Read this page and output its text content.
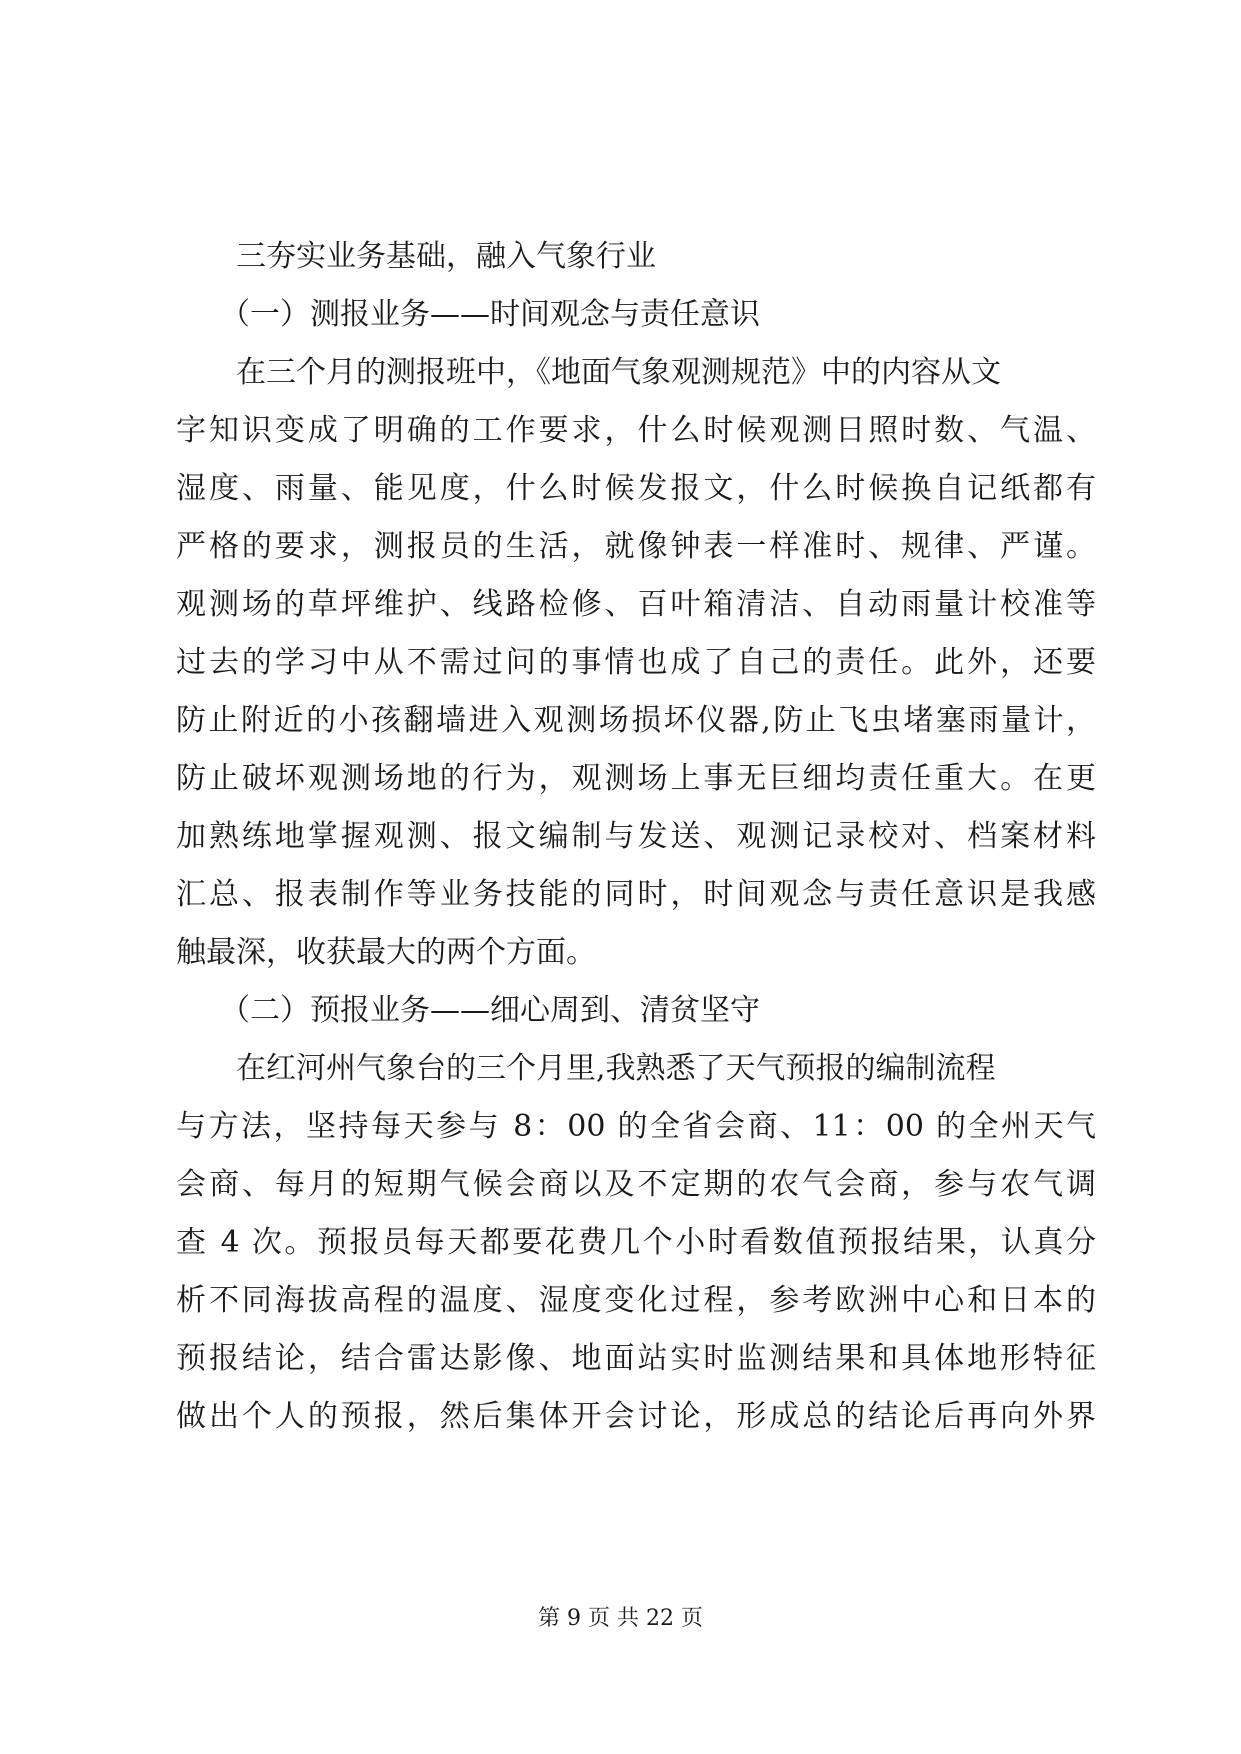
三夯实业务基础，融入气象行业
（一）测报业务——时间观念与责任意识
在三个月的测报班中，《地面气象观测规范》中的内容从文
字知识变成了明确的工作要求，什么时候观测日照时数、气温、
湿度、雨量、能见度，什么时候发报文，什么时候换自记纸都有
严格的要求，测报员的生活，就像钟表一样准时、规律、严谨。
观测场的草坪维护、线路检修、百叶箱清洁、自动雨量计校准等
过去的学习中从不需过问的事情也成了自己的责任。此外，还要
防止附近的小孩翻墙进入观测场损坏仪器,防止飞虫堵塞雨量计，
防止破坏观测场地的行为，观测场上事无巨细均责任重大。在更
加熟练地掌握观测、报文编制与发送、观测记录校对、档案材料
汇总、报表制作等业务技能的同时，时间观念与责任意识是我感
触最深，收获最大的两个方面。
（二）预报业务——细心周到、清贫坚守
在红河州气象台的三个月里,我熟悉了天气预报的编制流程
与方法，坚持每天参与 8：00 的全省会商、11：00 的全州天气
会商、每月的短期气候会商以及不定期的农气会商，参与农气调
查 4 次。预报员每天都要花费几个小时看数值预报结果，认真分
析不同海拔高程的温度、湿度变化过程，参考欧洲中心和日本的
预报结论，结合雷达影像、地面站实时监测结果和具体地形特征
做出个人的预报，然后集体开会讨论，形成总的结论后再向外界
第 9 页 共 22 页
